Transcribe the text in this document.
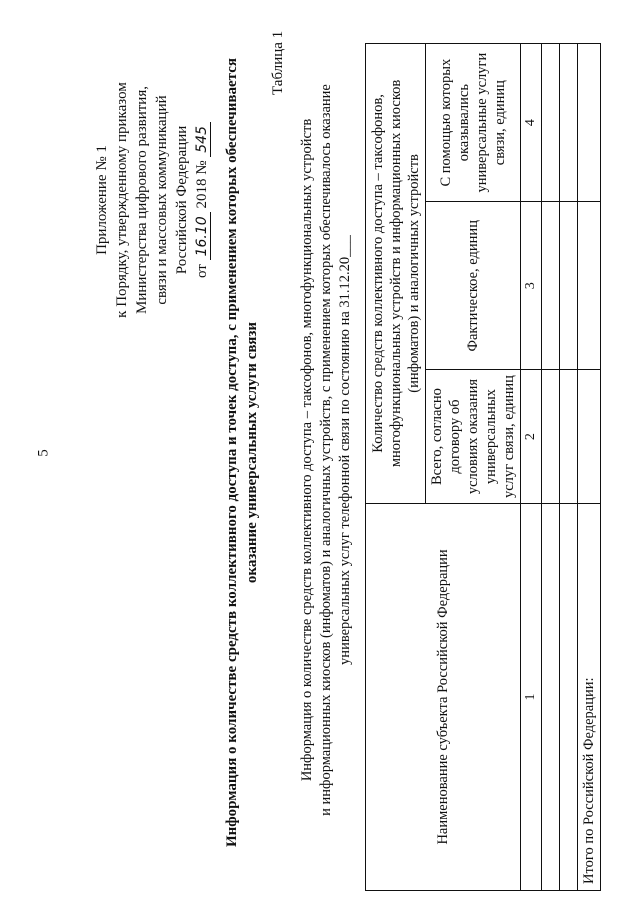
5
Приложение № 1 к Порядку, утвержденному приказом Министерства цифрового развития, связи и массовых коммуникаций Российской Федерации от 16.10 2018 № 545
Таблица 1
Информация о количестве средств коллективного доступа и точек доступа, с применением которых обеспечивается оказание универсальных услуги связи	Информация о количестве средств коллективного доступа – таксофонов, многофункциональных устройств и информационных киосков (инфоматов) и аналогичных устройств, с применением которых обеспечивалось оказание универсальных услуг телефонной связи по состоянию на 31.12.20___
Наименование субъекта Российской Федерации	Количество средств коллективного доступа – таксофонов, многофункциональных устройств и информационных киосков (инфоматов) и аналогичных устройств		
	Всего, согласно договору об условиях оказания универсальных услуг связи, единиц	Фактическое, единиц	С помощью которых оказывались универсальные услуги связи, единиц
1	2	3	4

Итого по Российской Федерации:			
